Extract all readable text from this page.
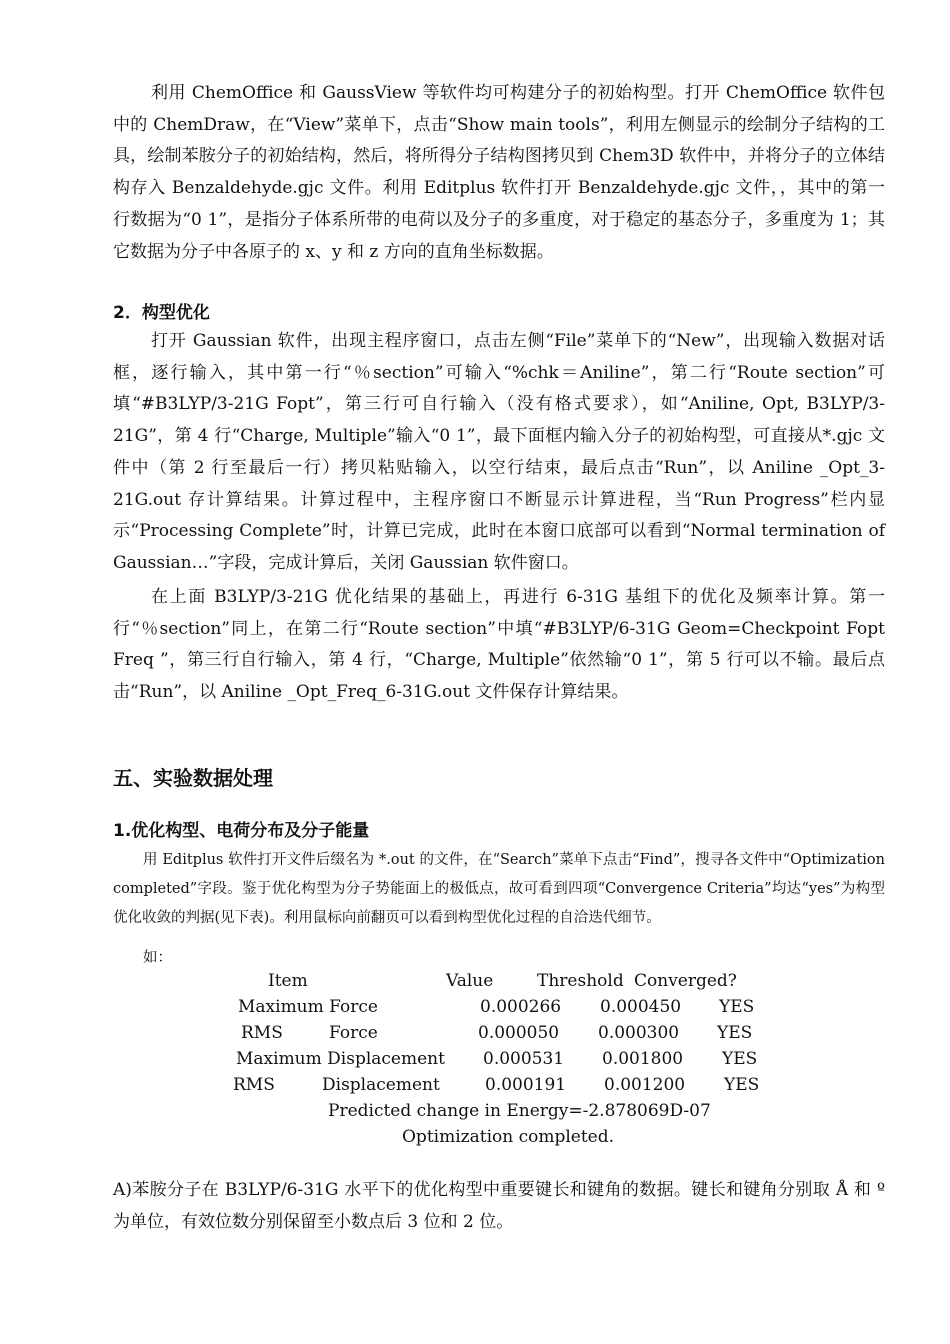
利用 ChemOffice 和 GaussView 等软件均可构建分子的初始构型。打开 ChemOffice 软件包中的 ChemDraw，在“View”菜单下，点击“Show main tools”，利用左侧显示的绘制分子结构的工具，绘制苯胺分子的初始结构，然后，将所得分子结构图拷贝到 Chem3D 软件中，并将分子的立体结构存入 Benzaldehyde.gjc 文件。利用 Editplus 软件打开 Benzaldehyde.gjc 文件，，其中的第一行数据为“0 1”，是指分子体系所带的电荷以及分子的多重度，对于稳定的基态分子，多重度为 1；其它数据为分子中各原子的 x、y 和 z 方向的直角坐标数据。

2．构型优化

打开 Gaussian 软件，出现主程序窗口，点击左侧“File”菜单下的“New”，出现输入数据对话框，逐行输入，其中第一行“％section”可输入“%chk＝Aniline”，第二行“Route section”可填“#B3LYP/3-21G Fopt”，第三行可自行输入（没有格式要求），如“Aniline, Opt, B3LYP/3-21G”，第 4 行“Charge, Multiple”输入“0 1”，最下面框内输入分子的初始构型，可直接从*.gjc 文件中（第 2 行至最后一行）拷贝粘贴输入，以空行结束，最后点击“Run”，以 Aniline _Opt_3-21G.out 存计算结果。计算过程中，主程序窗口不断显示计算进程，当“Run Progress”栏内显示“Processing Complete”时，计算已完成，此时在本窗口底部可以看到“Normal termination of Gaussian…”字段，完成计算后，关闭 Gaussian 软件窗口。

在上面 B3LYP/3-21G 优化结果的基础上，再进行 6-31G 基组下的优化及频率计算。第一行“％section”同上，在第二行“Route section”中填“#B3LYP/6-31G Geom=Checkpoint Fopt Freq ”，第三行自行输入，第 4 行，“Charge, Multiple”依然输“0 1”，第 5 行可以不输。最后点击“Run”，以 Aniline _Opt_Freq_6-31G.out 文件保存计算结果。

五、实验数据处理
1.优化构型、电荷分布及分子能量

用 Editplus 软件打开文件后缀名为 *.out 的文件，在“Search”菜单下点击“Find”，搜寻各文件中“Optimization completed”字段。鉴于优化构型为分子势能面上的极低点，故可看到四项“Convergence Criteria”均达“yes”为构型优化收敛的判据(见下表)。利用鼠标向前翻页可以看到构型优化过程的自洽迭代细节。

如：

Item	Value	Threshold Converged?
Maximum Force	0.000266 0.000450 YES
RMS	Force	0.000050 0.000300 YES
Maximum Displacement 0.000531 0.001800 YES
RMS	Displacement	0.000191 0.001200 YES
Predicted change in Energy=-2.878069D-07
Optimization completed.

A)苯胺分子在 B3LYP/6-31G 水平下的优化构型中重要键长和键角的数据。键长和键角分别取 Å 和 º 为单位，有效位数分别保留至小数点后 3 位和 2 位。
